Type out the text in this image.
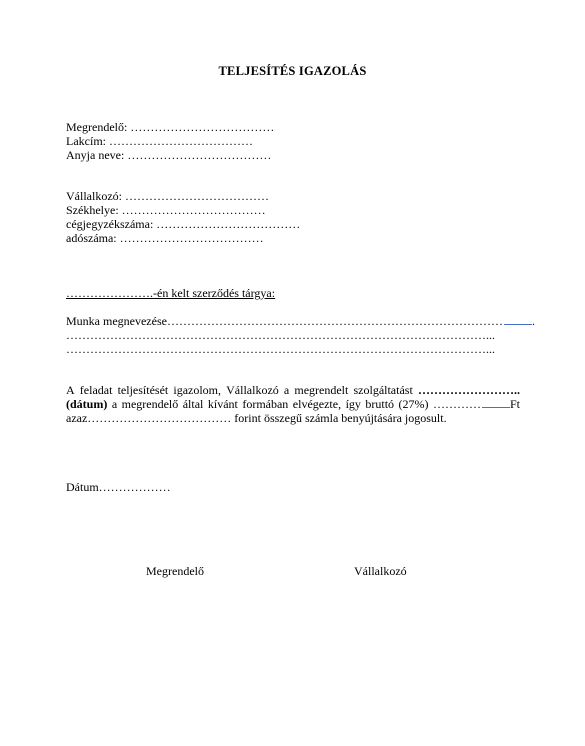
TELJESÍTÉS IGAZOLÁS
Megrendelő: ………………………………
Lakcím: ………………………………
Anyja neve: ………………………………
Vállalkozó: ………………………………
Székhelye: ………………………………
cégjegyzékszáma: ………………………………
adószáma: ………………………………
………………….-én kelt szerződés tárgya:
Munka megnevezése………………………………………………………………………… .
……………………………………………………………………………………………...
……………………………………………………………………………………………...
A feladat teljesítését igazolom, Vállalkozó a megrendelt szolgáltatást ……………………..
(dátum) a megrendelő által kívánt formában elvégezte, így bruttó (27%) ………… Ft
azaz……………………………… forint összegű számla benyújtására jogosult.
Dátum………………
Megrendelő	Vállalkozó
